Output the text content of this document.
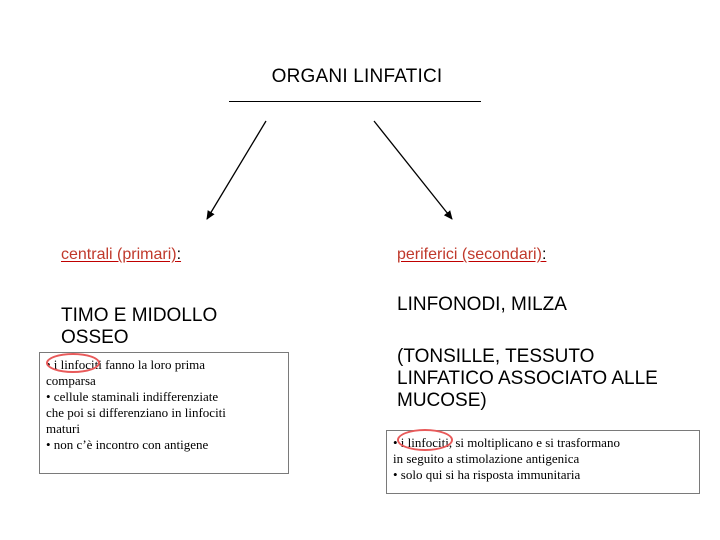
ORGANI LINFATICI
centrali (primari):
TIMO E MIDOLLO
OSSEO
• i linfociti fanno la loro prima
comparsa
• cellule staminali indifferenziate
che poi si differenziano in linfociti
maturi
• non c’è incontro con antigene
periferici (secondari):
LINFONODI, MILZA
(TONSILLE, TESSUTO
LINFATICO ASSOCIATO ALLE
MUCOSE)
• i linfociti, si moltiplicano e si trasformano
in seguito a stimolazione antigenica
• solo qui si ha risposta immunitaria
